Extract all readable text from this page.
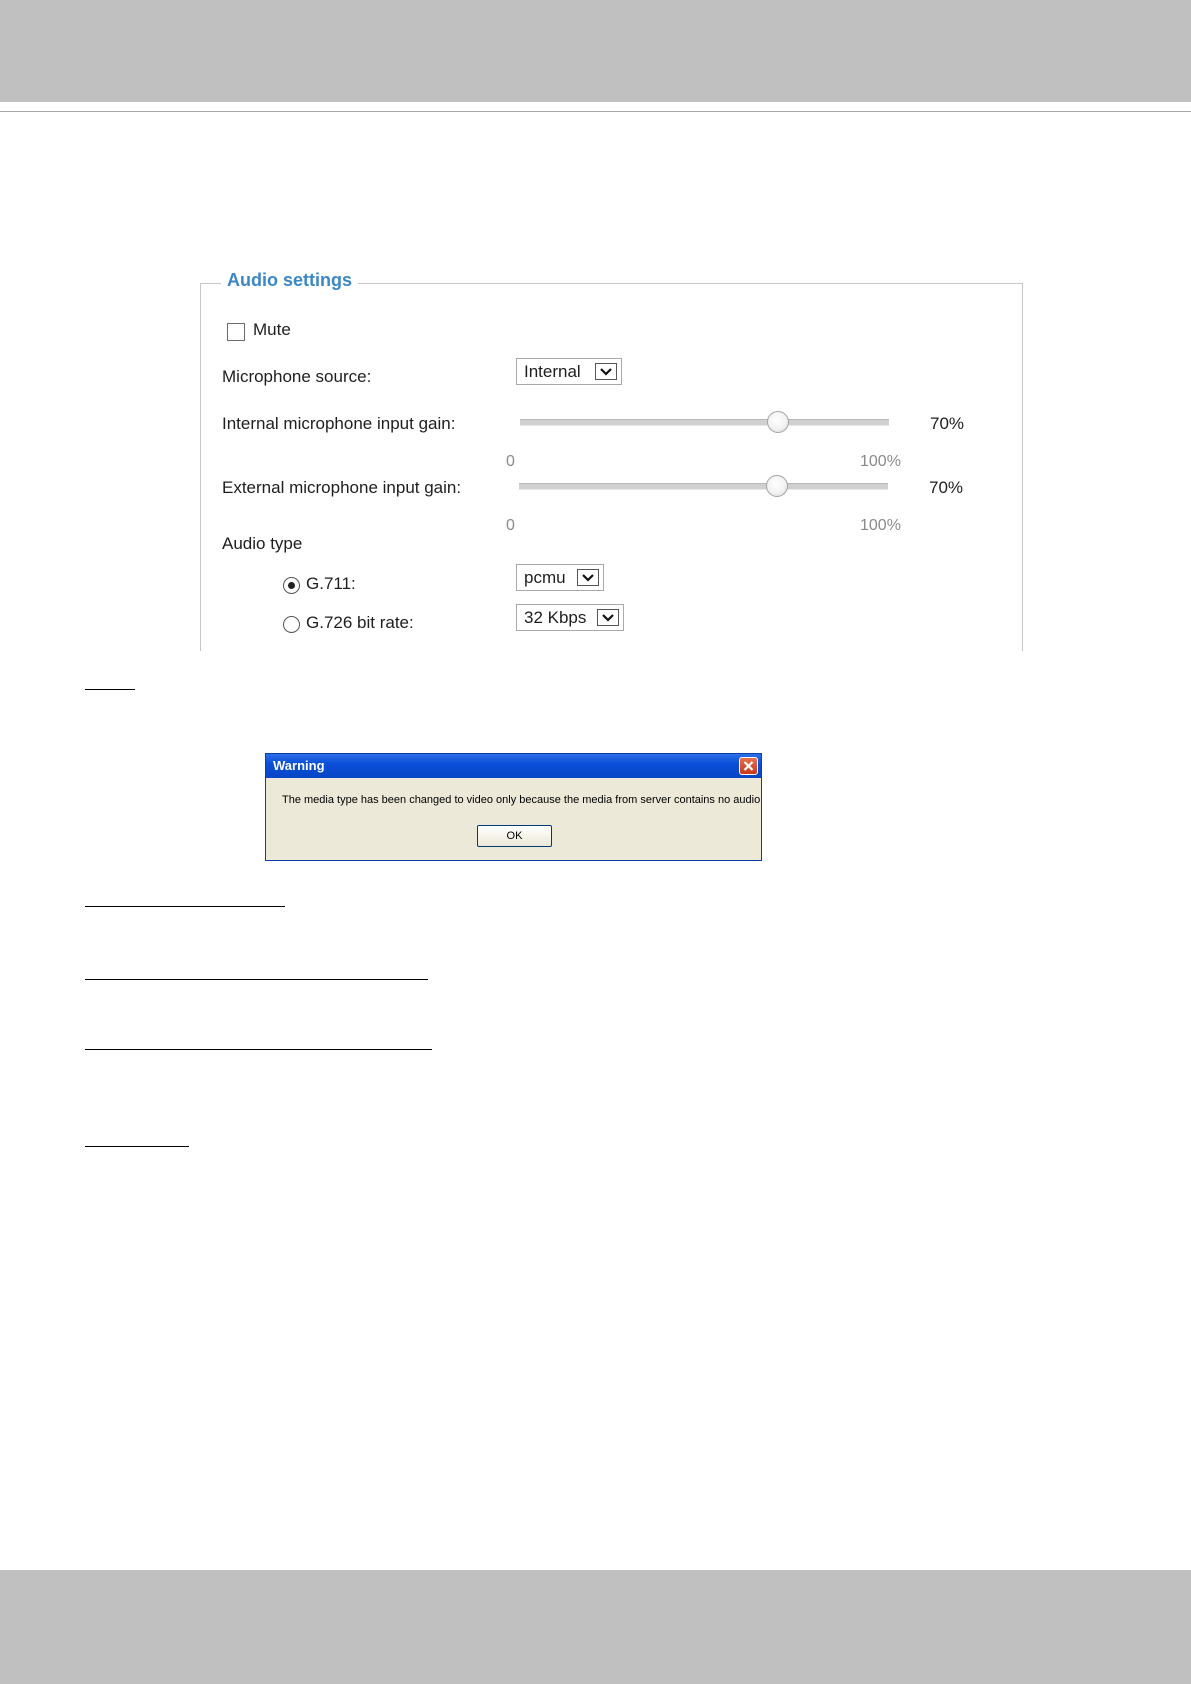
Audio settings
Mute
Microphone source:	Internal
Internal microphone input gain:	70%
0	100%
External microphone input gain:	70%
0	100%
Audio type
G.711:	pcmu
G.726 bit rate:	32 Kbps
Warning
The media type has been changed to video only because the media from server contains no audio
OK
